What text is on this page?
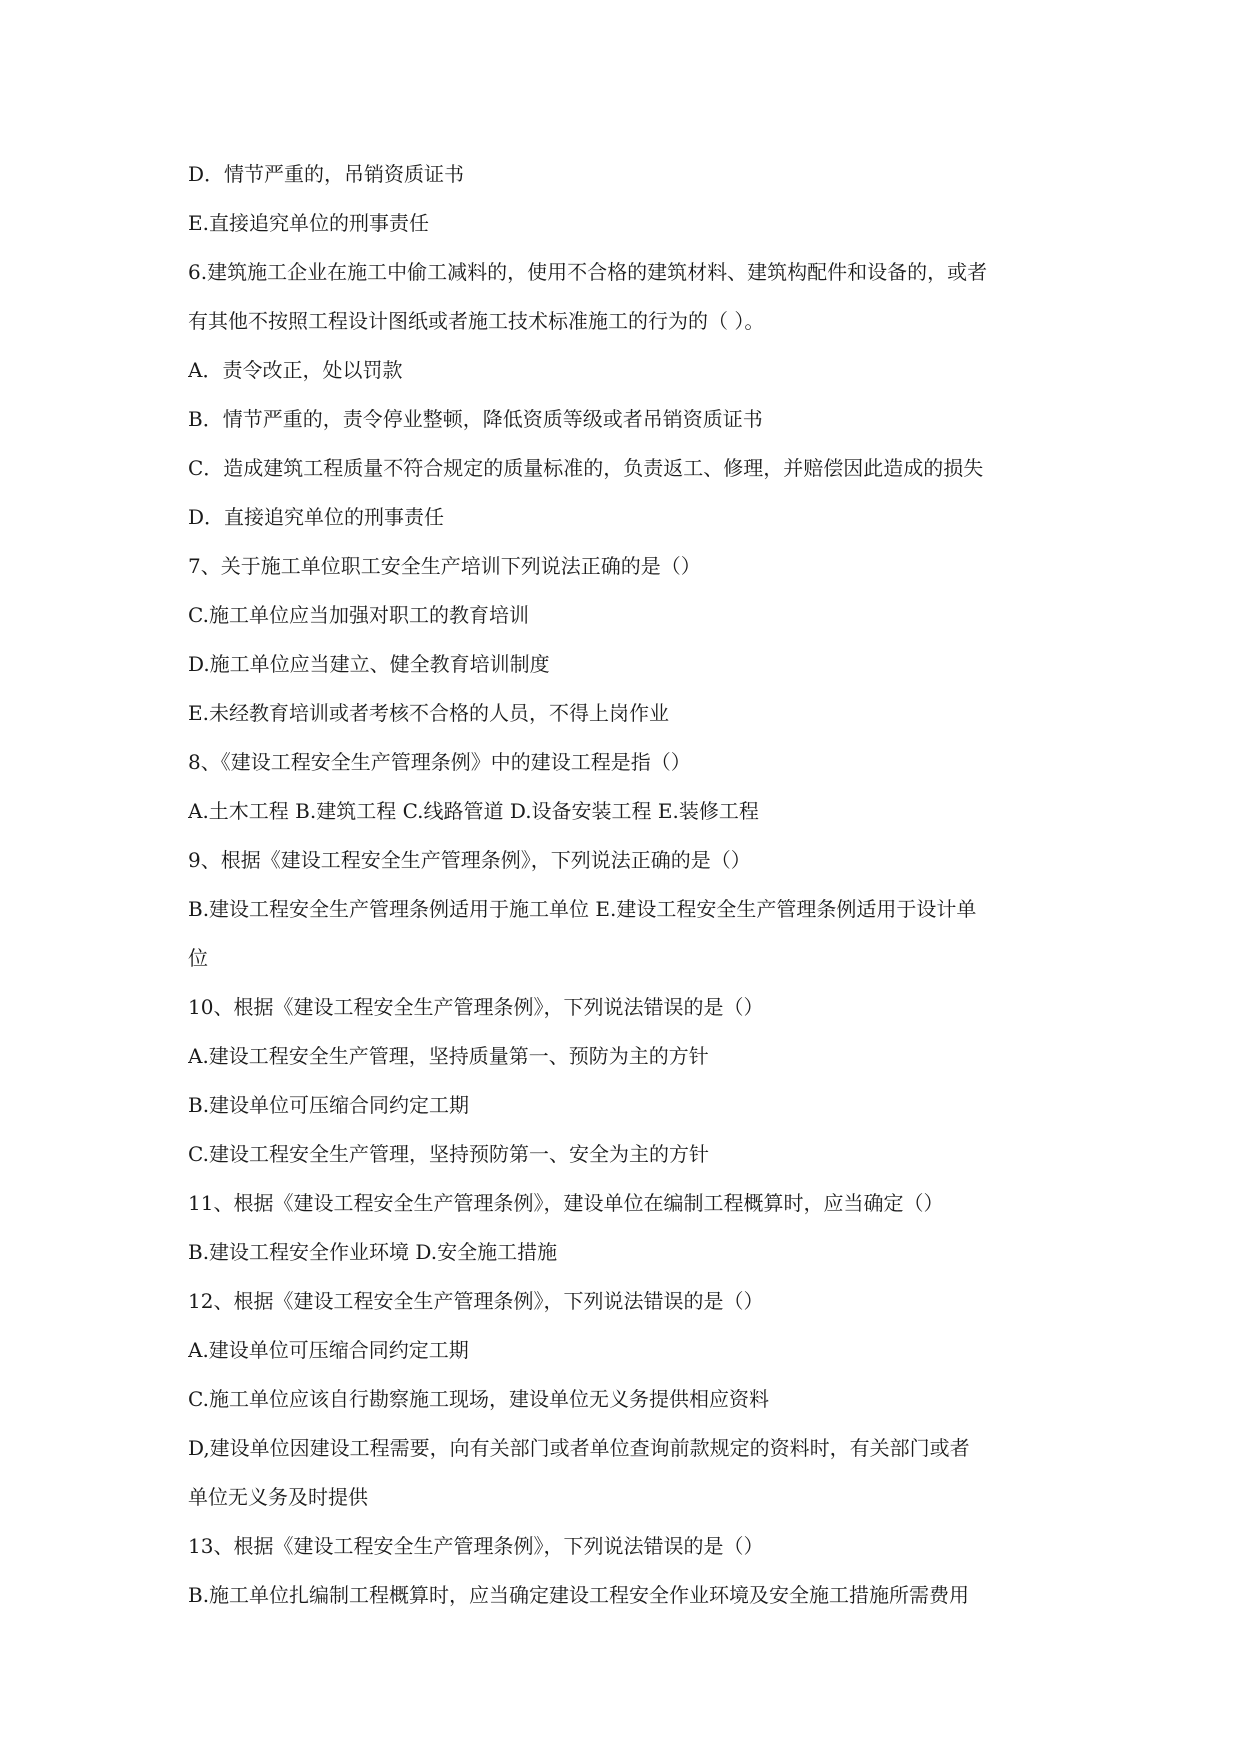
D．情节严重的，吊销资质证书
E.直接追究单位的刑事责任
6.建筑施工企业在施工中偷工减料的，使用不合格的建筑材料、建筑构配件和设备的，或者
有其他不按照工程设计图纸或者施工技术标准施工的行为的（ ）。
A．责令改正，处以罚款
B．情节严重的，责令停业整顿，降低资质等级或者吊销资质证书
C．造成建筑工程质量不符合规定的质量标准的，负责返工、修理，并赔偿因此造成的损失
D．直接追究单位的刑事责任
7、关于施工单位职工安全生产培训下列说法正确的是（）
C.施工单位应当加强对职工的教育培训
D.施工单位应当建立、健全教育培训制度
E.未经教育培训或者考核不合格的人员，不得上岗作业
8、《建设工程安全生产管理条例》中的建设工程是指（）
A.土木工程 B.建筑工程 C.线路管道 D.设备安装工程 E.装修工程
9、根据《建设工程安全生产管理条例》，下列说法正确的是（）
B.建设工程安全生产管理条例适用于施工单位 E.建设工程安全生产管理条例适用于设计单
位
10、根据《建设工程安全生产管理条例》，下列说法错误的是（）
A.建设工程安全生产管理，坚持质量第一、预防为主的方针
B.建设单位可压缩合同约定工期
C.建设工程安全生产管理，坚持预防第一、安全为主的方针
11、根据《建设工程安全生产管理条例》，建设单位在编制工程概算时，应当确定（）
B.建设工程安全作业环境 D.安全施工措施
12、根据《建设工程安全生产管理条例》，下列说法错误的是（）
A.建设单位可压缩合同约定工期
C.施工单位应该自行勘察施工现场，建设单位无义务提供相应资料
D,建设单位因建设工程需要，向有关部门或者单位查询前款规定的资料时，有关部门或者
单位无义务及时提供
13、根据《建设工程安全生产管理条例》，下列说法错误的是（）
B.施工单位扎编制工程概算时，应当确定建设工程安全作业环境及安全施工措施所需费用
